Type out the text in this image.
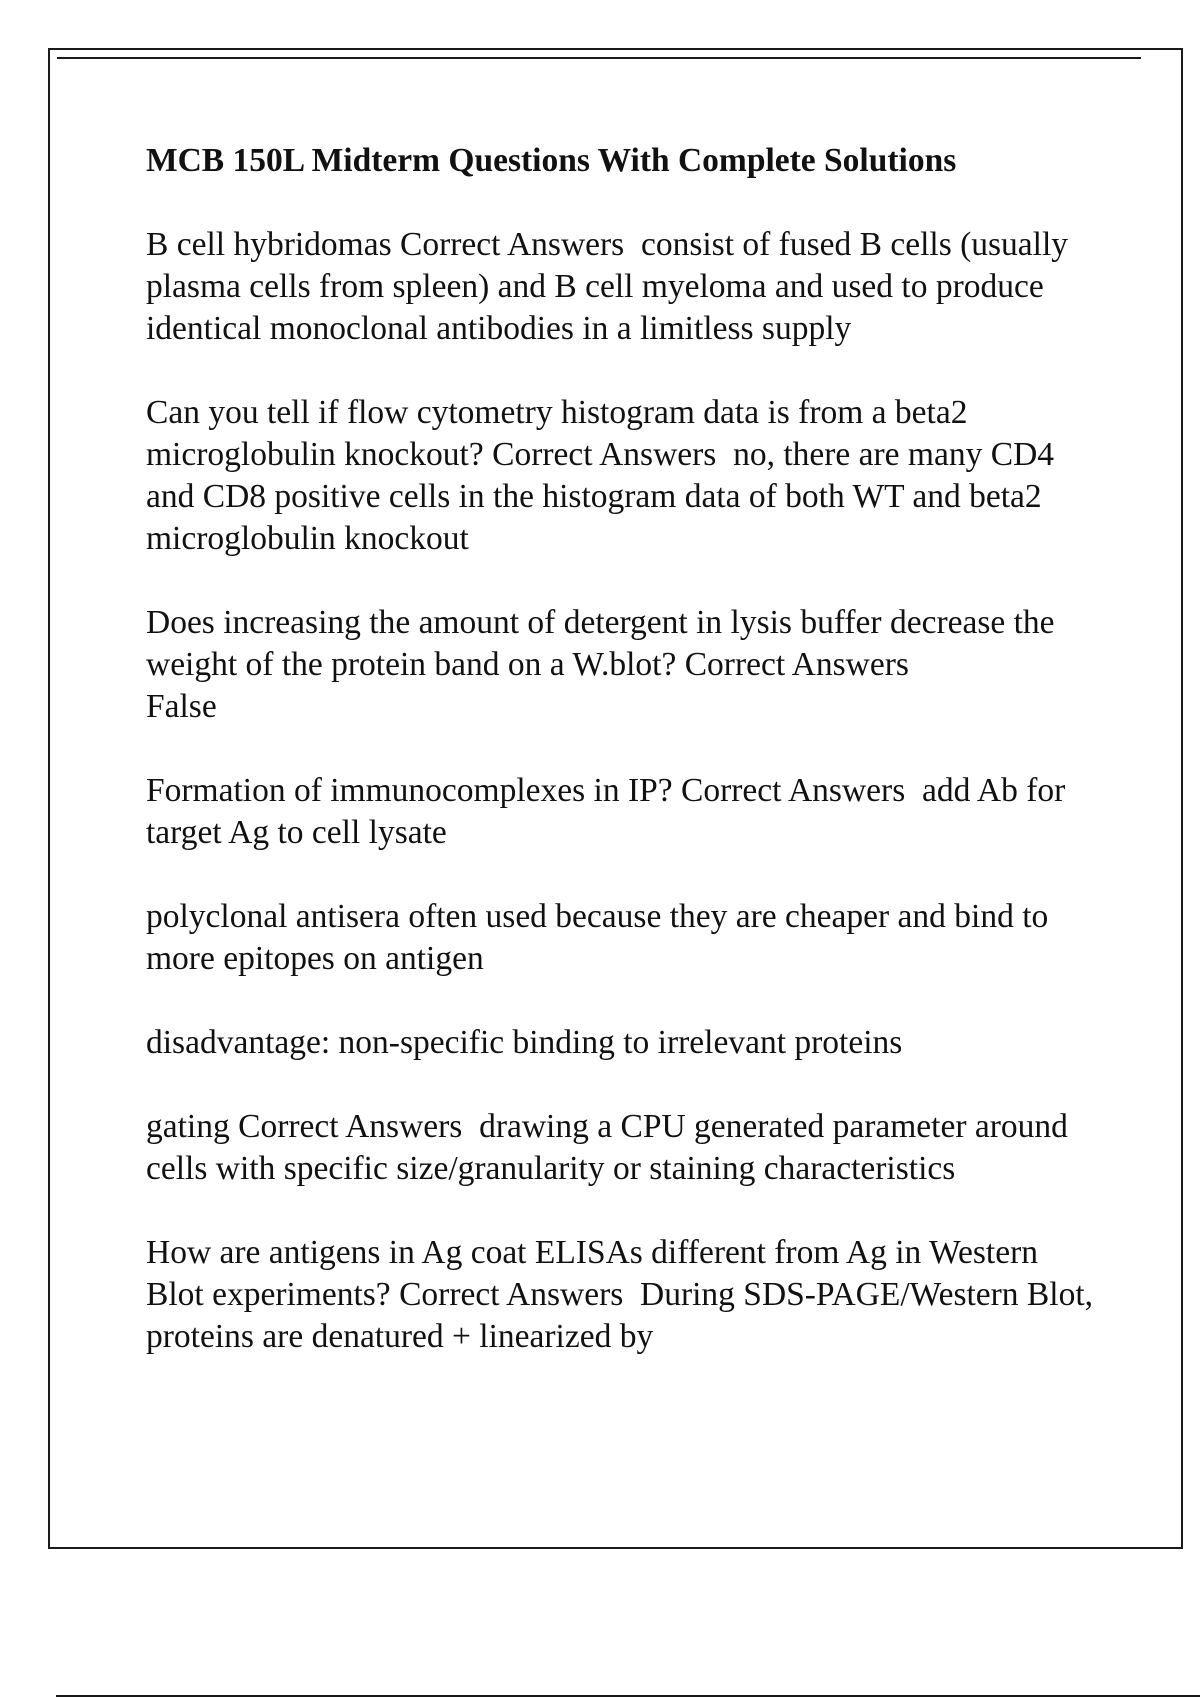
MCB 150L Midterm Questions With Complete Solutions
B cell hybridomas Correct Answers consist of fused B cells (usually plasma cells from spleen) and B cell myeloma and used to produce identical monoclonal antibodies in a limitless supply
Can you tell if flow cytometry histogram data is from a beta2 microglobulin knockout? Correct Answers no, there are many CD4 and CD8 positive cells in the histogram data of both WT and beta2 microglobulin knockout
Does increasing the amount of detergent in lysis buffer decrease the weight of the protein band on a W.blot? Correct Answers
False
Formation of immunocomplexes in IP? Correct Answers add Ab for target Ag to cell lysate
polyclonal antisera often used because they are cheaper and bind to more epitopes on antigen
disadvantage: non-specific binding to irrelevant proteins
gating Correct Answers drawing a CPU generated parameter around cells with specific size/granularity or staining characteristics
How are antigens in Ag coat ELISAs different from Ag in Western Blot experiments? Correct Answers During SDS-PAGE/Western Blot, proteins are denatured + linearized by
